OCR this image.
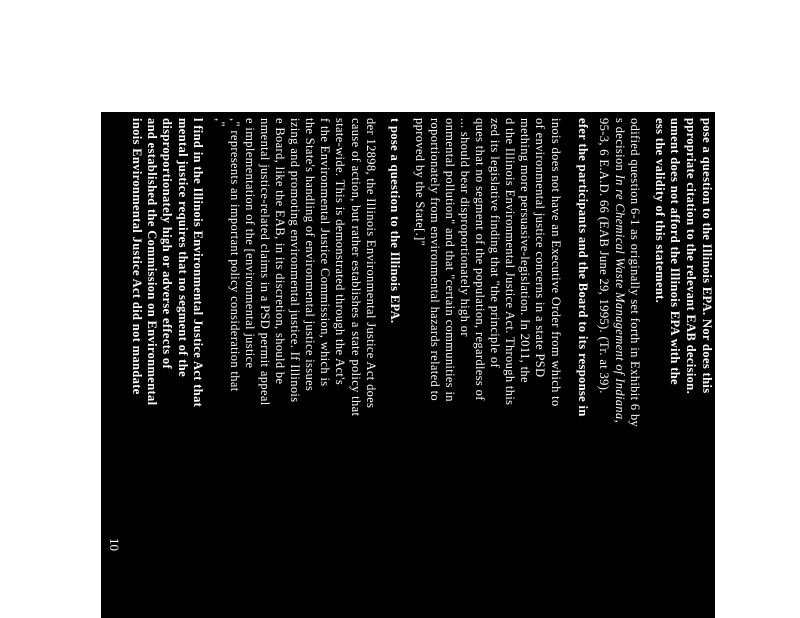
pose a question to the Illinois EPA. Nor does this
ppropriate citation to the relevant EAB decision.
ument does not afford the Illinois EPA with the
ess the validity of this statement.
odified question 6-1 as originally set forth in Exhibit 6 by
s decision In re Chemical Waste Management of Indiana,
95-3, 6 E.A.D. 66 (EAB June 29, 1995). (Tr. at 39).
efer the participants and the Board to its response in
inois does not have an Executive Order from which to
of environmental justice concerns in a state PSD
mething more persuasive-legislation. In 2011, the
d the Illinois Environmental Justice Act. Through this
zed its legislative finding that "the principle of
ques that no segment of the population, regardless of
... should bear disproportionately high or
onmental pollution" and that "certain communities in
roportionately from environmental hazards related to
pproved by the State[.]"
t pose a question to the Illinois EPA.
der 12898, the Illinois Environmental Justice Act does
cause of action, but rather establishes a state policy that
state-wide. This is demonstrated through the Act's
f the Environmental Justice Commission, which is
the State's handling of environmental justice issues
izing and promoting environmental justice. If Illinois
e Board, like the EAB, in its discretion, should be
nmental justice-related claims in a PSD permit appeal
e implementation of the [environmental justice
," represents an important policy consideration that
,"
l find in the Illinois Environmental Justice Act that
mental justice requires that no segment of the
disproportionately high or adverse effects of
and established the Commission on Environmental
inois Environmental Justice Act did not mandate
10
